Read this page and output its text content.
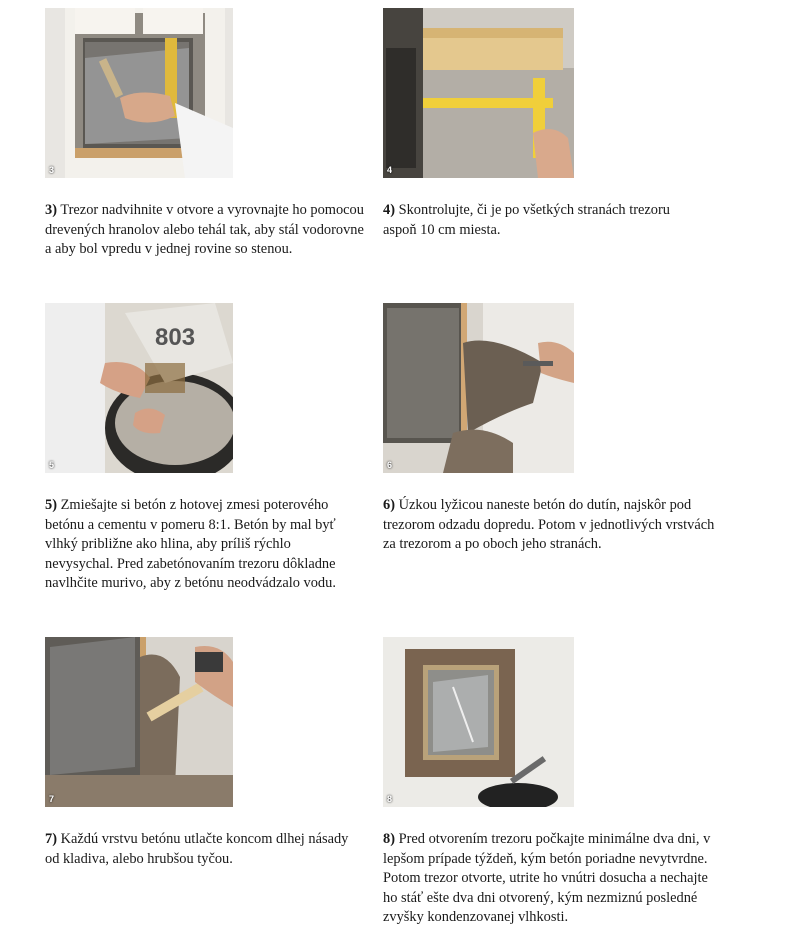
3	4
803
5	6
7	8
3) Trezor nadvihnite v otvore a vyrovnajte ho pomocou drevených hranolov alebo tehál tak, aby stál vodorovne a aby bol vpredu v jednej rovine so stenou.
4) Skontrolujte, či je po všetkých stranách trezoru aspoň 10 cm miesta.
5) Zmiešajte si betón z hotovej zmesi poterového betónu a cementu v pomeru 8:1. Betón by mal byť vlhký približne ako hlina, aby príliš rýchlo nevysychal. Pred zabetónovaním trezoru dôkladne navlhčite murivo, aby z betónu neodvádzalo vodu.
6) Úzkou lyžicou naneste betón do dutín, najskôr pod trezorom odzadu dopredu. Potom v jednotlivých vrstvách za trezorom a po oboch jeho stranách.
7) Každú vrstvu betónu utlačte koncom dlhej násady od kladiva, alebo hrubšou tyčou.
8) Pred otvorením trezoru počkajte minimálne dva dni, v lepšom prípade týždeň, kým betón poriadne nevytvrdne. Potom trezor otvorte, utrite ho vnútri dosucha a nechajte ho stáť ešte dva dni otvorený, kým nezmiznú posledné zvyšky kondenzovanej vlhkosti.
